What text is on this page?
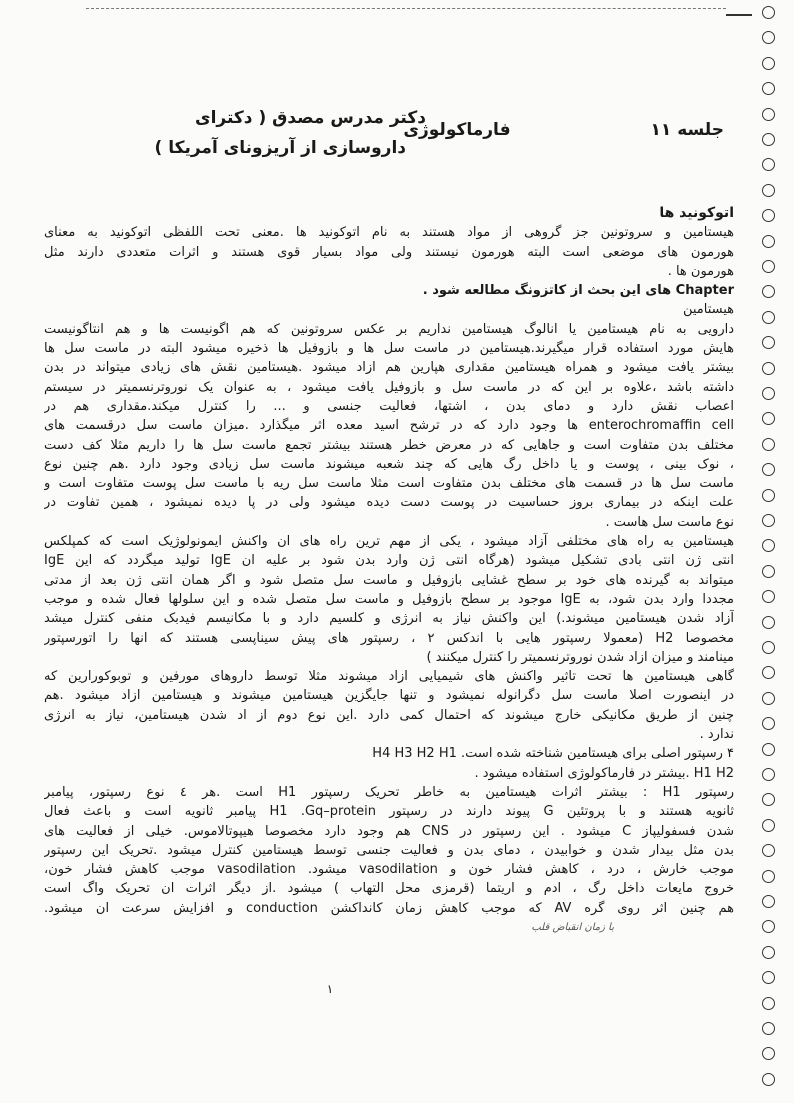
جلسه ۱۱
فارماکولوژی
دکتر مدرس مصدق ( دکترای
داروسازی از آریزونای آمریکا )
اتوکونید ها
هیستامین و سروتونین جز گروهی از مواد هستند به نام اتوکونید ها .معنی تحت اللفظی اتوکونید به معنای
هورمون های موضعی است البته هورمون نیستند ولی مواد بسیار قوی هستند و اثرات متعددی دارند مثل
هورمون ها .
Chapter های این بحث از کاتزونگ مطالعه شود .
هیستامین
دارویی به نام هیستامین یا انالوگ هیستامین نداریم بر عکس سروتونین که هم اگونیست ها و هم انتاگونیست
هایش مورد استفاده قرار میگیرند.هیستامین در ماست سل ها و بازوفیل ها ذخیره میشود البته در ماست سل ها
بیشتر یافت میشود و همراه هیستامین مقداری هپارین هم ازاد میشود .هیستامین نقش های زیادی میتواند در بدن
داشته باشد ،علاوه بر این که در ماست سل و بازوفیل یافت میشود ، به عنوان یک نوروترنسمیتر در سیستم
اعصاب نقش دارد و دمای بدن ، اشتها، فعالیت جنسی و ... را کنترل میکند.مقداری هم در
enterochromaffin cell ها وجود دارد که در ترشح اسید معده اثر میگذارد .میزان ماست سل درقسمت های
مختلف بدن متفاوت است و جاهایی که در معرض خطر هستند بیشتر تجمع ماست سل ها را داریم مثلا کف دست
، نوک بینی ، پوست و یا داخل رگ هایی که چند شعبه میشوند ماست سل زیادی وجود دارد .هم چنین نوع
ماست سل ها در قسمت های مختلف بدن متفاوت است مثلا ماست سل ریه با ماست سل پوست متفاوت است و
علت اینکه در بیماری بروز حساسیت در پوست دست دیده میشود ولی در پا دیده نمیشود ، همین تفاوت در
نوع ماست سل هاست .
هیستامین به راه های مختلفی آزاد میشود ، یکی از مهم ترین راه های ان واکنش ایمونولوژیک است که کمپلکس
انتی ژن انتی بادی تشکیل میشود (هرگاه انتی ژن وارد بدن شود بر علیه ان IgE تولید میگردد که این IgE
میتواند به گیرنده های خود بر سطح غشایی بازوفیل و ماست سل متصل شود و اگر همان انتی ژن بعد از مدتی
مجددا وارد بدن شود، به IgE موجود بر سطح بازوفیل و ماست سل متصل شده و این سلولها فعال شده و موجب
آزاد شدن هیستامین میشوند.) این واکنش نیاز به انرژی و کلسیم دارد و با مکانیسم فیدبک منفی کنترل میشد
مخصوصا H2 (معمولا رسپتور هایی با اندکس ۲ ، رسپتور های پیش سیناپسی هستند که انها را اتورسپتور
مینامند و میزان ازاد شدن نوروترنسمیتر را کنترل میکنند )
گاهی هیستامین ها تحت تاثیر واکنش های شیمیایی ازاد میشوند مثلا توسط داروهای مورفین و توبوکورارین که
در اینصورت اصلا ماست سل دگرانوله نمیشود و تنها جایگزین هیستامین میشوند و هیستامین ازاد میشود .هم
چنین از طریق مکانیکی خارج میشوند که احتمال کمی دارد .این نوع دوم از اد شدن هیستامین، نیاز به انرژی
ندارد .
۴ رسپتور اصلی برای هیستامین شناخته شده است. H4 H3 H2 H1
H1 H2 .بیشتر در فارماکولوژی استفاده میشود .
رسپتور H1 : بیشتر اثرات هیستامین به خاطر تحریک رسپتور H1 است .هر ٤ نوع رسپتور، پیامبر
ثانویه هستند و با پروتئین G پیوند دارند در رسپتور H1 .Gq–protein پیامبر ثانویه است و باعث فعال
شدن فسفولیپاز C میشود . این رسپتور در CNS هم وجود دارد مخصوصا هیپوتالاموس. خیلی از فعالیت های
بدن مثل بیدار شدن و خوابیدن ، دمای بدن و فعالیت جنسی توسط هیستامین کنترل میشود .تحریک این رسپتور
موجب خارش ، درد ، کاهش فشار خون و vasodilation میشود. vasodilation موجب کاهش فشار خون،
خروج مایعات داخل رگ ، ادم و اریتما (قرمزی محل التهاب ) میشود .از دیگر اثرات ان تحریک واگ است
هم چنین اثر روی گره AV که موجب کاهش زمان کانداکشن conduction و افزایش سرعت ان میشود.
با زمان انقباض قلب
١
